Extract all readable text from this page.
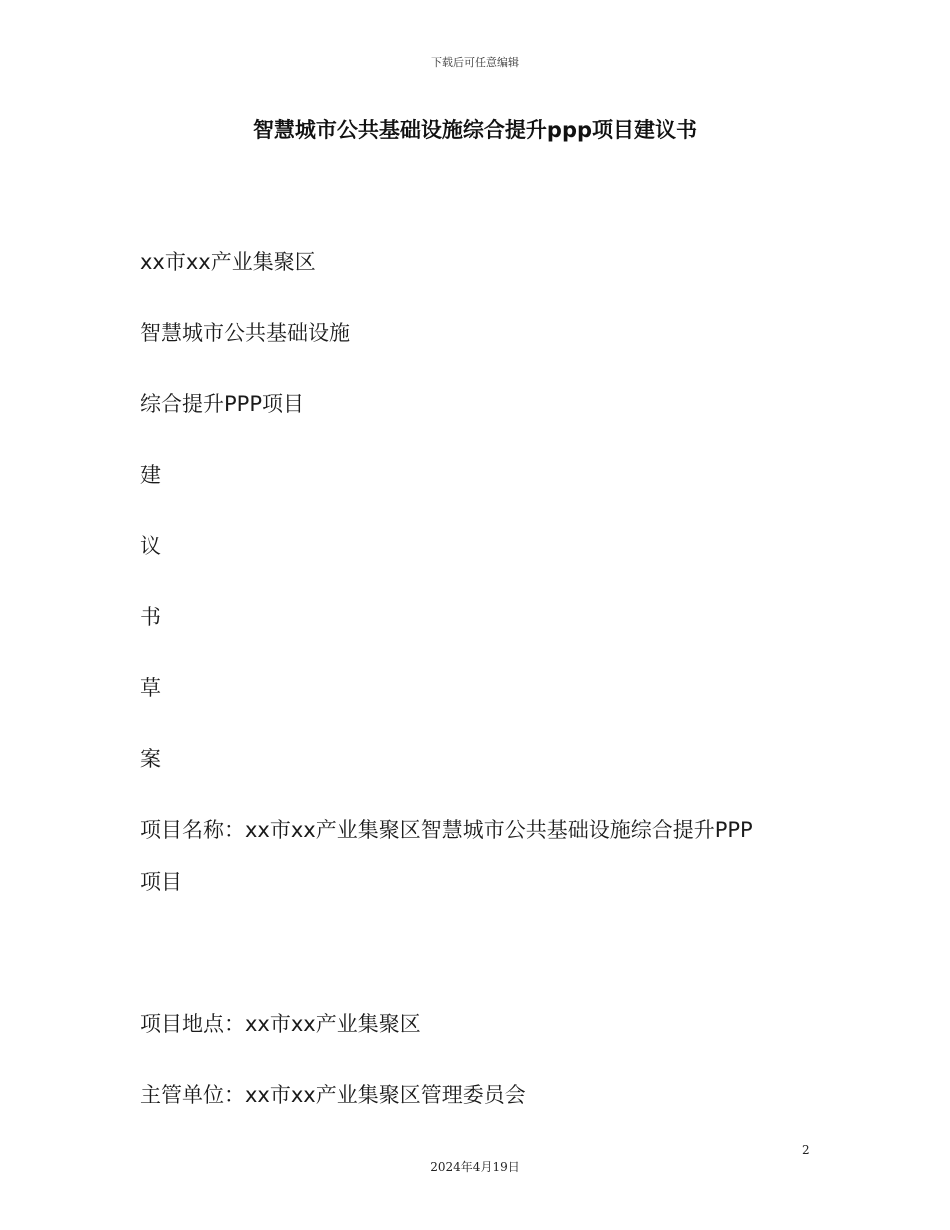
下载后可任意编辑
智慧城市公共基础设施综合提升ppp项目建议书
xx市xx产业集聚区
智慧城市公共基础设施
综合提升PPP项目
建
议
书
草
案
项目名称：xx市xx产业集聚区智慧城市公共基础设施综合提升PPP
项目
项目地点：xx市xx产业集聚区
主管单位：xx市xx产业集聚区管理委员会
2
2024年4月19日
